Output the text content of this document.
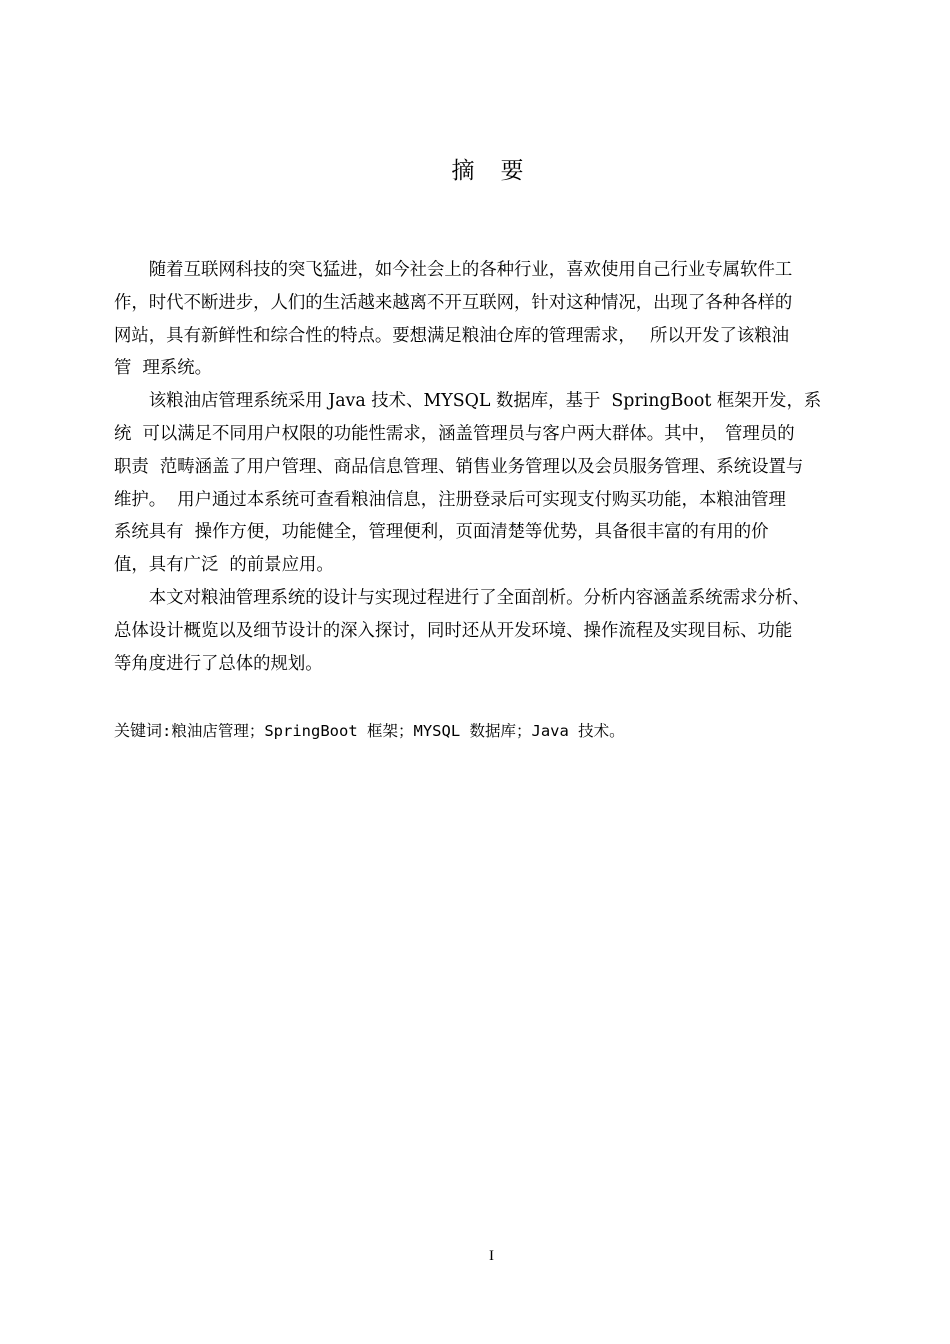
摘 要
　　随着互联网科技的突飞猛进，如今社会上的各种行业，喜欢使用自己行业专属软件工
作，时代不断进步，人们的生活越来越离不开互联网，针对这种情况，出现了各种各样的
网站，具有新鲜性和综合性的特点。要想满足粮油仓库的管理需求，　 所以开发了该粮油
管  理系统。
　　该粮油店管理系统采用 Java 技术、MYSQL 数据库，基于  SpringBoot 框架开发，系
统  可以满足不同用户权限的功能性需求，涵盖管理员与客户两大群体。其中，　管理员的
职责  范畴涵盖了用户管理、商品信息管理、销售业务管理以及会员服务管理、系统设置与
维护。  用户通过本系统可查看粮油信息，注册登录后可实现支付购买功能，本粮油管理
系统具有  操作方便，功能健全，管理便利，页面清楚等优势，具备很丰富的有用的价
值，具有广泛  的前景应用。
　　本文对粮油管理系统的设计与实现过程进行了全面剖析。分析内容涵盖系统需求分析、
总体设计概览以及细节设计的深入探讨，同时还从开发环境、操作流程及实现目标、功能
等角度进行了总体的规划。
关键词:粮油店管理；SpringBoot 框架；MYSQL 数据库；Java 技术。
I
